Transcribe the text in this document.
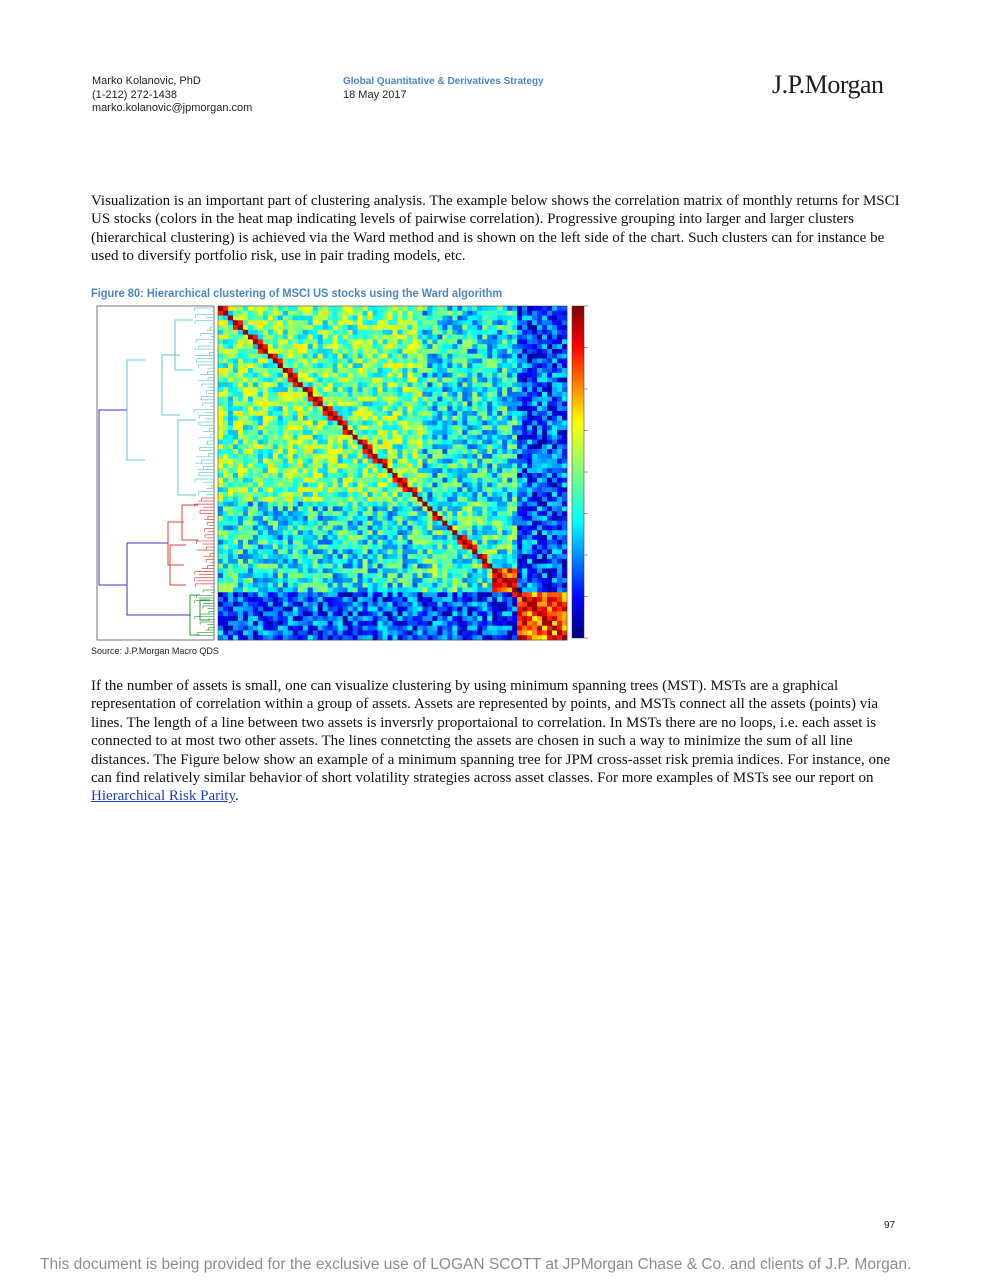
Marko Kolanovic, PhD
(1-212) 272-1438
marko.kolanovic@jpmorgan.com
Global Quantitative & Derivatives Strategy
18 May 2017	J.P.Morgan
Visualization is an important part of clustering analysis. The example below shows the correlation matrix of monthly returns for MSCI US stocks (colors in the heat map indicating levels of pairwise correlation). Progressive grouping into larger and larger clusters (hierarchical clustering) is achieved via the Ward method and is shown on the left side of the chart. Such clusters can for instance be used to diversify portfolio risk, use in pair trading models, etc.
Figure 80: Hierarchical clustering of MSCI US stocks using the Ward algorithm
Source: J.P.Morgan Macro QDS
If the number of assets is small, one can visualize clustering by using minimum spanning trees (MST). MSTs are a graphical representation of correlation within a group of assets. Assets are represented by points, and MSTs connect all the assets (points) via lines. The length of a line between two assets is inversrly proportaional to correlation. In MSTs there are no loops, i.e. each asset is connected to at most two other assets. The lines connetcting the assets are chosen in such a way to minimize the sum of all line distances. The Figure below show an example of a minimum spanning tree for JPM cross-asset risk premia indices. For instance, one can find relatively similar behavior of short volatility strategies across asset classes. For more examples of MSTs see our report on Hierarchical Risk Parity.
97
This document is being provided for the exclusive use of LOGAN SCOTT at JPMorgan Chase & Co. and clients of J.P. Morgan.
